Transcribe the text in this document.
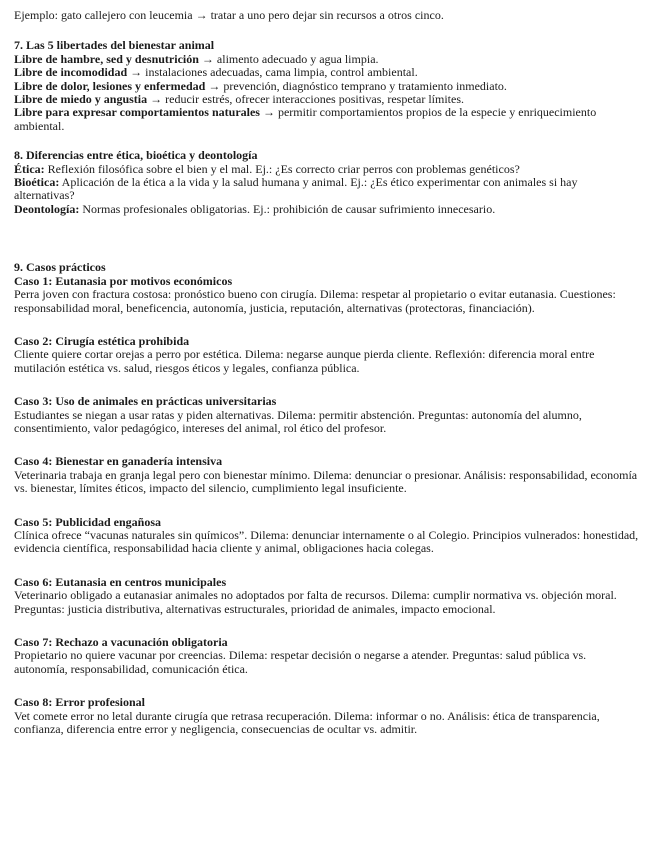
Ejemplo: gato callejero con leucemia → tratar a uno pero dejar sin recursos a otros cinco.

7. Las 5 libertades del bienestar animal
Libre de hambre, sed y desnutrición → alimento adecuado y agua limpia.
Libre de incomodidad → instalaciones adecuadas, cama limpia, control ambiental.
Libre de dolor, lesiones y enfermedad → prevención, diagnóstico temprano y tratamiento inmediato.
Libre de miedo y angustia → reducir estrés, ofrecer interacciones positivas, respetar límites.
Libre para expresar comportamientos naturales → permitir comportamientos propios de la especie y enriquecimiento ambiental.
8. Diferencias entre ética, bioética y deontología
Ética: Reflexión filosófica sobre el bien y el mal. Ej.: ¿Es correcto criar perros con problemas genéticos?
Bioética: Aplicación de la ética a la vida y la salud humana y animal. Ej.: ¿Es ético experimentar con animales si hay alternativas?
Deontología: Normas profesionales obligatorias. Ej.: prohibición de causar sufrimiento innecesario.
9. Casos prácticos
Caso 1: Eutanasia por motivos económicos
Perra joven con fractura costosa: pronóstico bueno con cirugía. Dilema: respetar al propietario o evitar eutanasia. Cuestiones: responsabilidad moral, beneficencia, autonomía, justicia, reputación, alternativas (protectoras, financiación).
Caso 2: Cirugía estética prohibida
Cliente quiere cortar orejas a perro por estética. Dilema: negarse aunque pierda cliente. Reflexión: diferencia moral entre mutilación estética vs. salud, riesgos éticos y legales, confianza pública.
Caso 3: Uso de animales en prácticas universitarias
Estudiantes se niegan a usar ratas y piden alternativas. Dilema: permitir abstención. Preguntas: autonomía del alumno, consentimiento, valor pedagógico, intereses del animal, rol ético del profesor.
Caso 4: Bienestar en ganadería intensiva
Veterinaria trabaja en granja legal pero con bienestar mínimo. Dilema: denunciar o presionar. Análisis: responsabilidad, economía vs. bienestar, límites éticos, impacto del silencio, cumplimiento legal insuficiente.
Caso 5: Publicidad engañosa
Clínica ofrece “vacunas naturales sin químicos”. Dilema: denunciar internamente o al Colegio. Principios vulnerados: honestidad, evidencia científica, responsabilidad hacia cliente y animal, obligaciones hacia colegas.
Caso 6: Eutanasia en centros municipales
Veterinario obligado a eutanasiar animales no adoptados por falta de recursos. Dilema: cumplir normativa vs. objeción moral. Preguntas: justicia distributiva, alternativas estructurales, prioridad de animales, impacto emocional.
Caso 7: Rechazo a vacunación obligatoria
Propietario no quiere vacunar por creencias. Dilema: respetar decisión o negarse a atender. Preguntas: salud pública vs. autonomía, responsabilidad, comunicación ética.
Caso 8: Error profesional
Vet comete error no letal durante cirugía que retrasa recuperación. Dilema: informar o no. Análisis: ética de transparencia, confianza, diferencia entre error y negligencia, consecuencias de ocultar vs. admitir.
